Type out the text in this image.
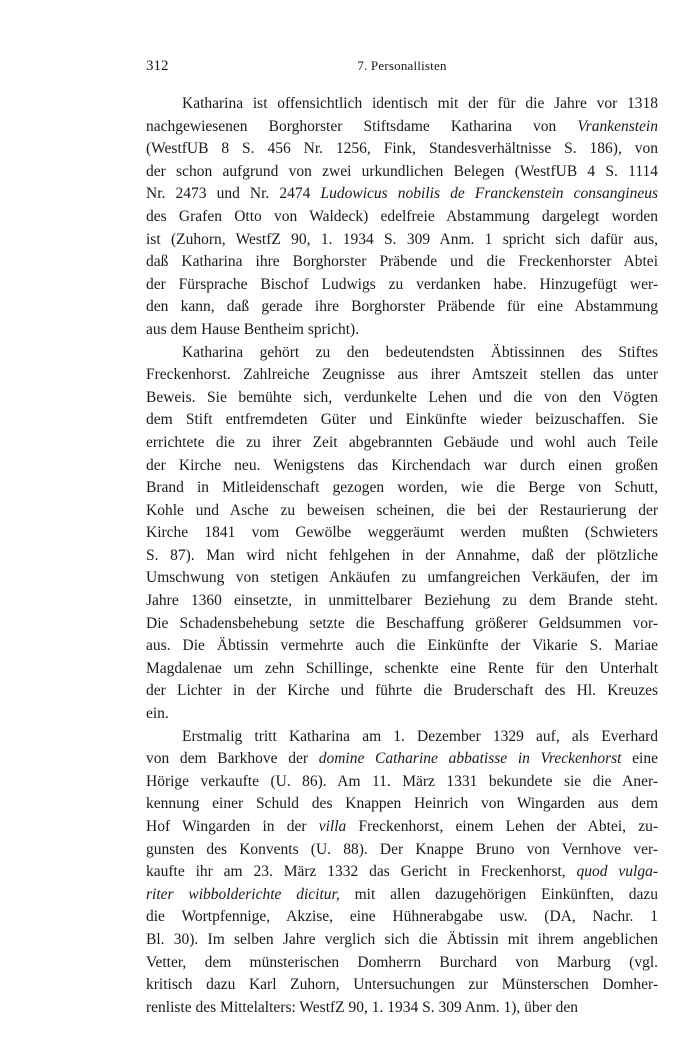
312	7. Personallisten
Katharina ist offensichtlich identisch mit der für die Jahre vor 1318
nachgewiesenen Borghorster Stiftsdame Katharina von Vrankenstein
(WestfUB 8 S. 456 Nr. 1256, Fink, Standesverhältnisse S. 186), von
der schon aufgrund von zwei urkundlichen Belegen (WestfUB 4 S. 1114
Nr. 2473 und Nr. 2474 Ludowicus nobilis de Franckenstein consangineus
des Grafen Otto von Waldeck) edelfreie Abstammung dargelegt worden
ist (Zuhorn, WestfZ 90, 1. 1934 S. 309 Anm. 1 spricht sich dafür aus,
daß Katharina ihre Borghorster Präbende und die Freckenhorster Abtei
der Fürsprache Bischof Ludwigs zu verdanken habe. Hinzugefügt wer-
den kann, daß gerade ihre Borghorster Präbende für eine Abstammung
aus dem Hause Bentheim spricht).
Katharina gehört zu den bedeutendsten Äbtissinnen des Stiftes
Freckenhorst. Zahlreiche Zeugnisse aus ihrer Amtszeit stellen das unter
Beweis. Sie bemühte sich, verdunkelte Lehen und die von den Vögten
dem Stift entfremdeten Güter und Einkünfte wieder beizuschaffen. Sie
errichtete die zu ihrer Zeit abgebrannten Gebäude und wohl auch Teile
der Kirche neu. Wenigstens das Kirchendach war durch einen großen
Brand in Mitleidenschaft gezogen worden, wie die Berge von Schutt,
Kohle und Asche zu beweisen scheinen, die bei der Restaurierung der
Kirche 1841 vom Gewölbe weggeräumt werden mußten (Schwieters
S. 87). Man wird nicht fehlgehen in der Annahme, daß der plötzliche
Umschwung von stetigen Ankäufen zu umfangreichen Verkäufen, der im
Jahre 1360 einsetzte, in unmittelbarer Beziehung zu dem Brande steht.
Die Schadensbehebung setzte die Beschaffung größerer Geldsummen vor-
aus. Die Äbtissin vermehrte auch die Einkünfte der Vikarie S. Mariae
Magdalenae um zehn Schillinge, schenkte eine Rente für den Unterhalt
der Lichter in der Kirche und führte die Bruderschaft des Hl. Kreuzes
ein.
Erstmalig tritt Katharina am 1. Dezember 1329 auf, als Everhard
von dem Barkhove der domine Catharine abbatisse in Vreckenhorst eine
Hörige verkaufte (U. 86). Am 11. März 1331 bekundete sie die Aner-
kennung einer Schuld des Knappen Heinrich von Wingarden aus dem
Hof Wingarden in der villa Freckenhorst, einem Lehen der Abtei, zu-
gunsten des Konvents (U. 88). Der Knappe Bruno von Vernhove ver-
kaufte ihr am 23. März 1332 das Gericht in Freckenhorst, quod vulga-
riter wibbolderichte dicitur, mit allen dazugehörigen Einkünften, dazu
die Wortpfennige, Akzise, eine Hühnerabgabe usw. (DA, Nachr. 1
Bl. 30). Im selben Jahre verglich sich die Äbtissin mit ihrem angeblichen
Vetter, dem münsterischen Domherrn Burchard von Marburg (vgl.
kritisch dazu Karl Zuhorn, Untersuchungen zur Münsterschen Domher-
renliste des Mittelalters: WestfZ 90, 1. 1934 S. 309 Anm. 1), über den
